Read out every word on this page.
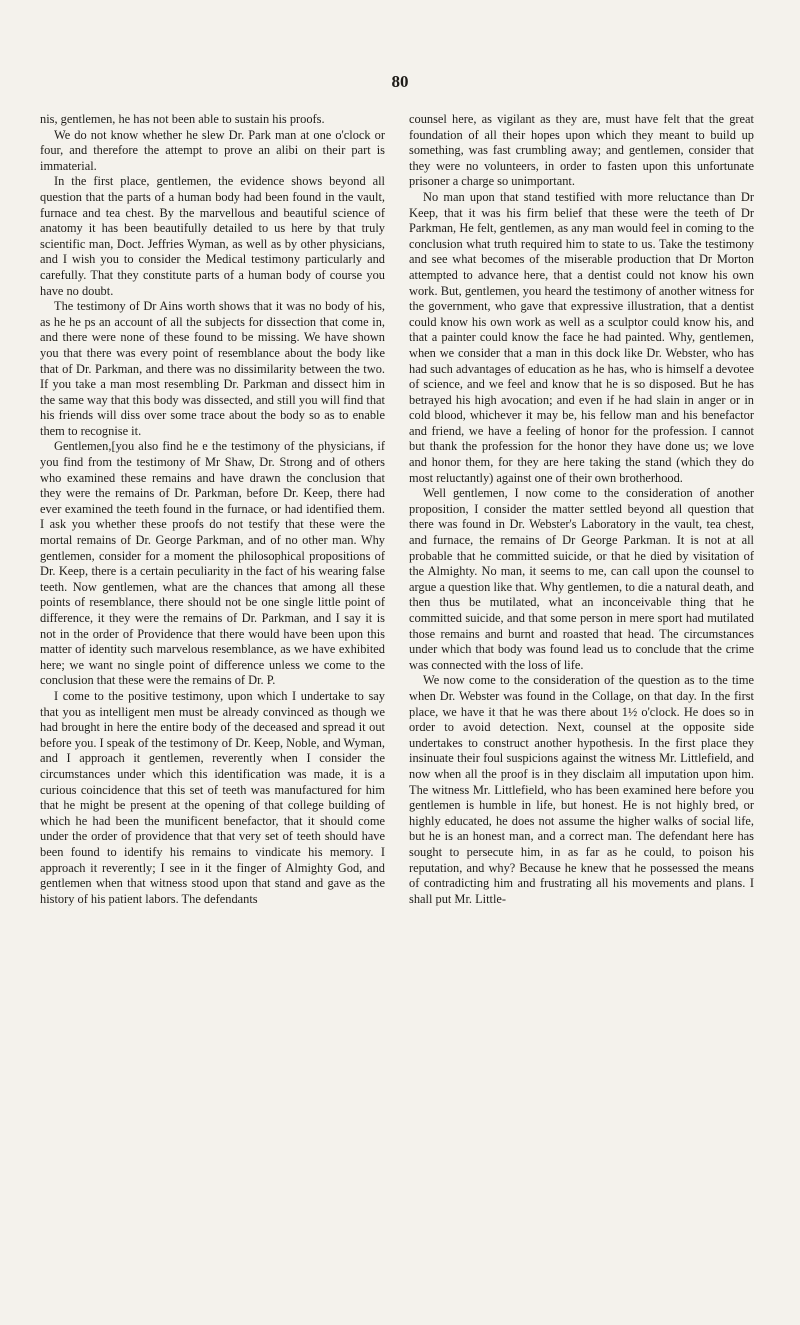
80

nis, gentlemen, he has not been able to sustain his proofs.

We do not know whether he slew Dr. Park man at one o'clock or four, and therefore the attempt to prove an alibi on their part is immaterial.

In the first place, gentlemen, the evidence shows beyond all question that the parts of a human body had been found in the vault, furnace and tea chest. By the marvellous and beautiful science of anatomy it has been beautifully detailed to us here by that truly scientific man, Doct. Jeffries Wyman, as well as by other physicians, and I wish you to consider the Medical testimony particularly and carefully. That they constitute parts of a human body of course you have no doubt.

The testimony of Dr Ains worth shows that it was no body of his, as he he ps an account of all the subjects for dissection that come in, and there were none of these found to be missing. We have shown you that there was every point of resemblance about the body like that of Dr. Parkman, and there was no dissimilarity between the two. If you take a man most resembling Dr. Parkman and dissect him in the same way that this body was dissected, and still you will find that his friends will diss over some trace about the body so as to enable them to recognise it.

Gentlemen,[you also find he e the testimony of the physicians, if you find from the testimony of Mr Shaw, Dr. Strong and of others who examined these remains and have drawn the conclusion that they were the remains of Dr. Parkman, before Dr. Keep, there had ever examined the teeth found in the furnace, or had identified them. I ask you whether these proofs do not testify that these were the mortal remains of Dr. George Parkman, and of no other man. Why gentlemen, consider for a moment the philosophical propositions of Dr. Keep, there is a certain peculiarity in the fact of his wearing false teeth. Now gentlemen, what are the chances that among all these points of resemblance, there should not be one single little point of difference, it they were the remains of Dr. Parkman, and I say it is not in the order of Providence that there would have been upon this matter of identity such marvelous resemblance, as we have exhibited here; we want no single point of difference unless we come to the conclusion that these were the remains of Dr. P.

I come to the positive testimony, upon which I undertake to say that you as intelligent men must be already convinced as though we had brought in here the entire body of the deceased and spread it out before you. I speak of the testimony of Dr. Keep, Noble, and Wyman, and I approach it gentlemen, reverently when I consider the circumstances under which this identification was made, it is a curious coincidence that this set of teeth was manufactured for him that he might be present at the opening of that college building of which he had been the munificent benefactor, that it should come under the order of providence that that very set of teeth should have been found to identify his remains to vindicate his memory. I approach it reverently; I see in it the finger of Almighty God, and gentlemen when that witness stood upon that stand and gave as the history of his patient labors. The defendants

counsel here, as vigilant as they are, must have felt that the great foundation of all their hopes upon which they meant to build up something, was fast crumbling away; and gentlemen, consider that they were no volunteers, in order to fasten upon this unfortunate prisoner a charge so unimportant.

No man upon that stand testified with more reluctance than Dr Keep, that it was his firm belief that these were the teeth of Dr Parkman, He felt, gentlemen, as any man would feel in coming to the conclusion what truth required him to state to us. Take the testimony and see what becomes of the miserable production that Dr Morton attempted to advance here, that a dentist could not know his own work. But, gentlemen, you heard the testimony of another witness for the government, who gave that expressive illustration, that a dentist could know his own work as well as a sculptor could know his, and that a painter could know the face he had painted. Why, gentlemen, when we consider that a man in this dock like Dr. Webster, who has had such advantages of education as he has, who is himself a devotee of science, and we feel and know that he is so disposed. But he has betrayed his high avocation; and even if he had slain in anger or in cold blood, whichever it may be, his fellow man and his benefactor and friend, we have a feeling of honor for the profession. I cannot but thank the profession for the honor they have done us; we love and honor them, for they are here taking the stand (which they do most reluctantly) against one of their own brotherhood.

Well gentlemen, I now come to the consideration of another proposition, I consider the matter settled beyond all question that there was found in Dr. Webster's Laboratory in the vault, tea chest, and furnace, the remains of Dr George Parkman. It is not at all probable that he committed suicide, or that he died by visitation of the Almighty. No man, it seems to me, can call upon the counsel to argue a question like that. Why gentlemen, to die a natural death, and then thus be mutilated, what an inconceivable thing that he committed suicide, and that some person in mere sport had mutilated those remains and burnt and roasted that head. The circumstances under which that body was found lead us to conclude that the crime was connected with the loss of life.

We now come to the consideration of the question as to the time when Dr. Webster was found in the Collage, on that day. In the first place, we have it that he was there about 1½ o'clock. He does so in order to avoid detection. Next, counsel at the opposite side undertakes to construct another hypothesis. In the first place they insinuate their foul suspicions against the witness Mr. Littlefield, and now when all the proof is in they disclaim all imputation upon him. The witness Mr. Littlefield, who has been examined here before you gentlemen is humble in life, but honest. He is not highly bred, or highly educated, he does not assume the higher walks of social life, but he is an honest man, and a correct man. The defendant here has sought to persecute him, in as far as he could, to poison his reputation, and why? Because he knew that he possessed the means of contradicting him and frustrating all his movements and plans. I shall put Mr. Little-
